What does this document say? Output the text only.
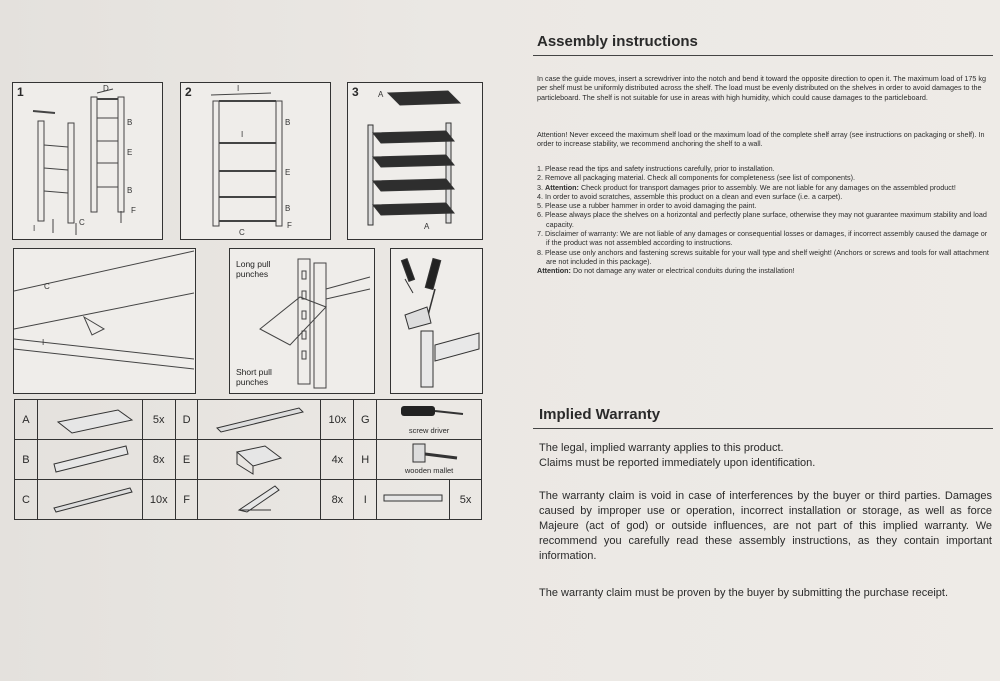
1	D
B
E
B
F
C
I
2	I
B
I
E
B
F
C
3 A
A
C
I
Long pull punches
Short pull punches
A		5x	D		10x	G	screw driver	

B		8x	E		4x	H	wooden mallet	

C		10x	F		8x	I		5x
Assembly instructions

In case the guide moves, insert a screwdriver into the notch and bend it toward the opposite direction to open it. The maximum load of 175 kg per shelf must be uniformly distributed across the shelf. The load must be evenly distributed on the shelves in order to avoid damages to the particleboard. The shelf is not suitable for use in areas with high humidity, which could cause damages to the particleboard.

Attention! Never exceed the maximum shelf load or the maximum load of the complete shelf array (see instructions on packaging or shelf). In order to increase stability, we recommend anchoring the shelf to a wall.

1. Please read the tips and safety instructions carefully, prior to installation.
2. Remove all packaging material. Check all components for completeness (see list of components).
3. Attention: Check product for transport damages prior to assembly. We are not liable for any damages on the assembled product!
4. In order to avoid scratches, assemble this product on a clean and even surface (i.e. a carpet).
5. Please use a rubber hammer in order to avoid damaging the paint.
6. Please always place the shelves on a horizontal and perfectly plane surface, otherwise they may not guarantee maximum stability and load capacity.
7. Disclaimer of warranty: We are not liable of any damages or consequential losses or damages, if incorrect assembly caused the damage or if the product was not assembled according to instructions.
8. Please use only anchors and fastening screws suitable for your wall type and shelf weight! (Anchors or screws and tools for wall attachment are not included in this package).
Attention: Do not damage any water or electrical conduits during the installation!
Implied Warranty

The legal, implied warranty applies to this product.

Claims must be reported immediately upon identification.

The warranty claim is void in case of interferences by the buyer or third parties. Damages caused by improper use or operation, incorrect installation or storage, as well as force Majeure (act of god) or outside influences, are not part of this implied warranty. We recommend you carefully read these assembly instructions, as they contain important information.

The warranty claim must be proven by the buyer by submitting the purchase receipt.
